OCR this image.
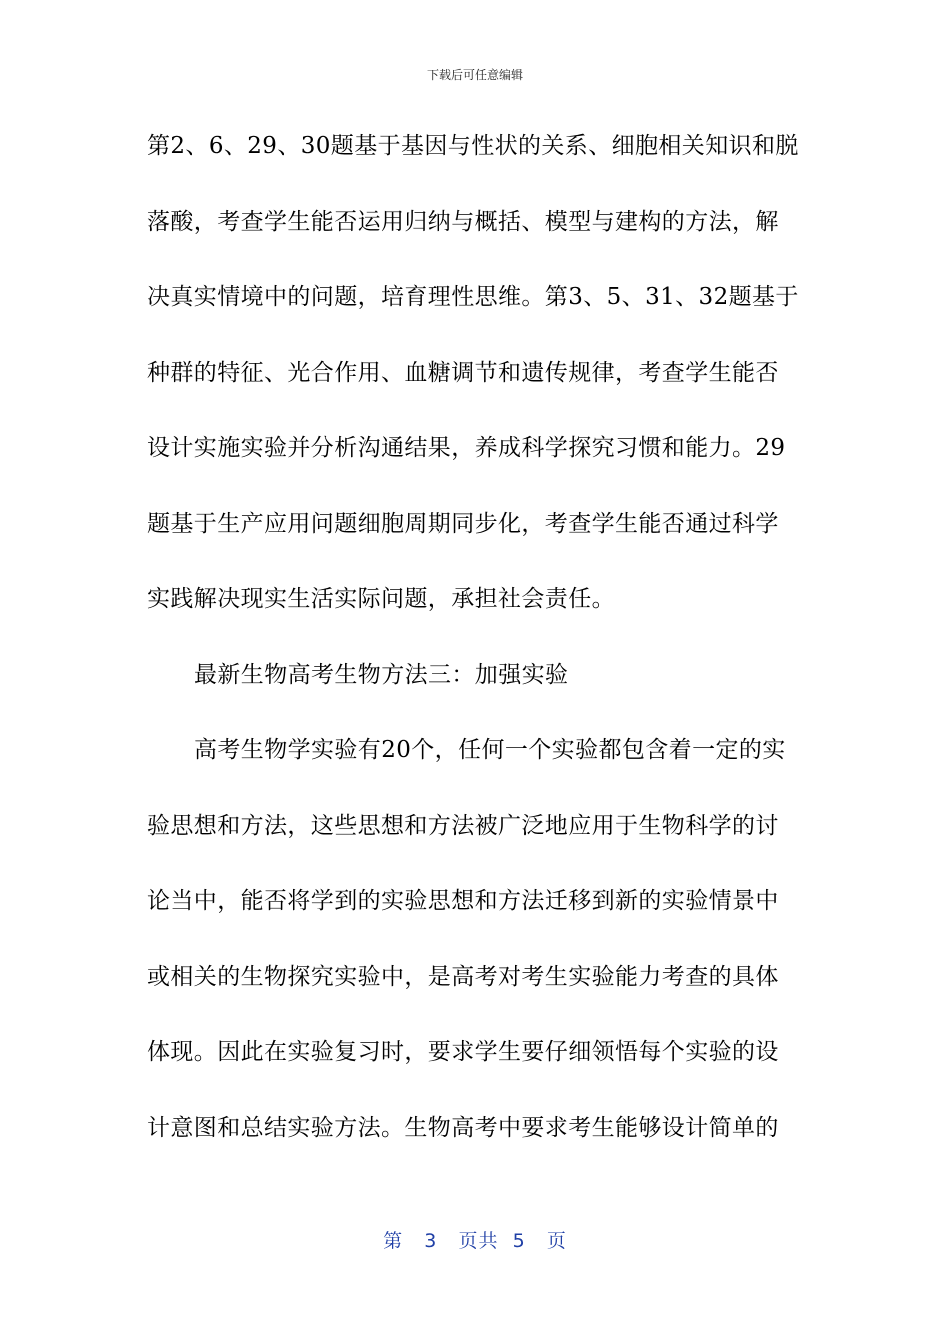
下载后可任意编辑
第2、6、29、30题基于基因与性状的关系、细胞相关知识和脱
落酸，考查学生能否运用归纳与概括、模型与建构的方法，解
决真实情境中的问题，培育理性思维。第3、5、31、32题基于
种群的特征、光合作用、血糖调节和遗传规律，考查学生能否
设计实施实验并分析沟通结果，养成科学探究习惯和能力。29
题基于生产应用问题细胞周期同步化，考查学生能否通过科学
实践解决现实生活实际问题，承担社会责任。
最新生物高考生物方法三：加强实验
高考生物学实验有20个，任何一个实验都包含着一定的实
验思想和方法，这些思想和方法被广泛地应用于生物科学的讨
论当中，能否将学到的实验思想和方法迁移到新的实验情景中
或相关的生物探究实验中，是高考对考生实验能力考查的具体
体现。因此在实验复习时，要求学生要仔细领悟每个实验的设
计意图和总结实验方法。生物高考中要求考生能够设计简单的
第 3 页共 5 页
